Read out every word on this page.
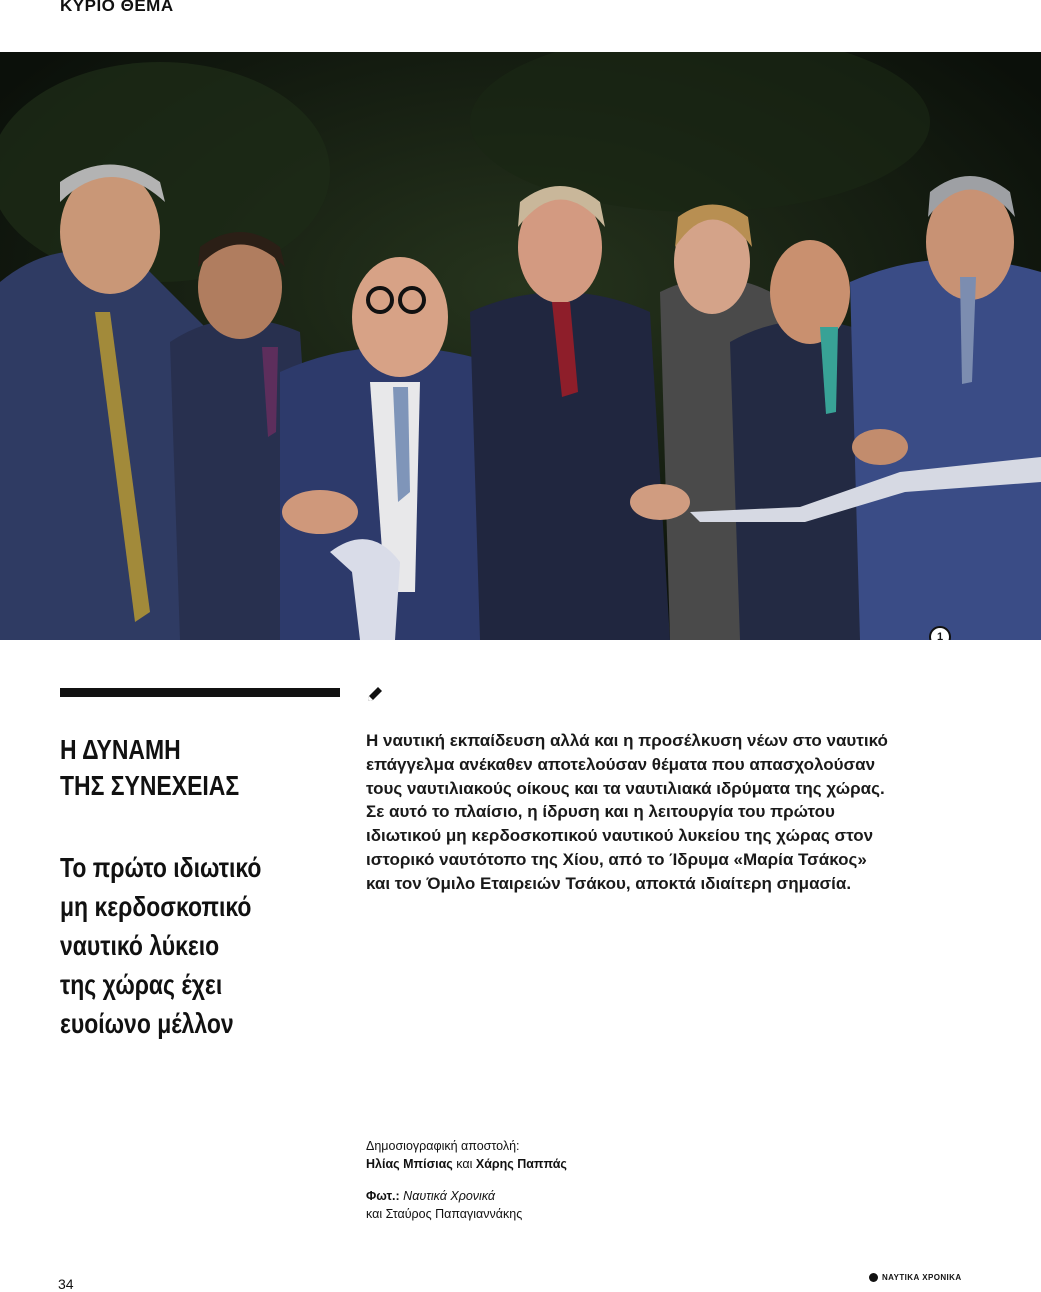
ΚΥΡΙΟ ΘΕΜΑ
1
Η ΔΥΝΑΜΗ
ΤΗΣ ΣΥΝΕΧΕΙΑΣ
Το πρώτο ιδιωτικό
μη κερδοσκοπικό
ναυτικό λύκειο
της χώρας έχει
ευοίωνο μέλλον
Η ναυτική εκπαίδευση αλλά και η προσέλκυση νέων στο ναυτικό
επάγγελμα ανέκαθεν αποτελούσαν θέματα που απασχολούσαν
τους ναυτιλιακούς οίκους και τα ναυτιλιακά ιδρύματα της χώρας.
Σε αυτό το πλαίσιο, η ίδρυση και η λειτουργία του πρώτου
ιδιωτικού μη κερδοσκοπικού ναυτικού λυκείου της χώρας στον
ιστορικό ναυτότοπο της Χίου, από το Ίδρυμα «Μαρία Τσάκος»
και τον Όμιλο Εταιρειών Τσάκου, αποκτά ιδιαίτερη σημασία.
Δημοσιογραφική αποστολή:
Ηλίας Μπίσιας και Χάρης Παππάς
Φωτ.: Ναυτικά Χρονικά
και Σταύρος Παπαγιαννάκης
34	ΝΑΥΤΙΚΑ ΧΡΟΝΙΚΑ
